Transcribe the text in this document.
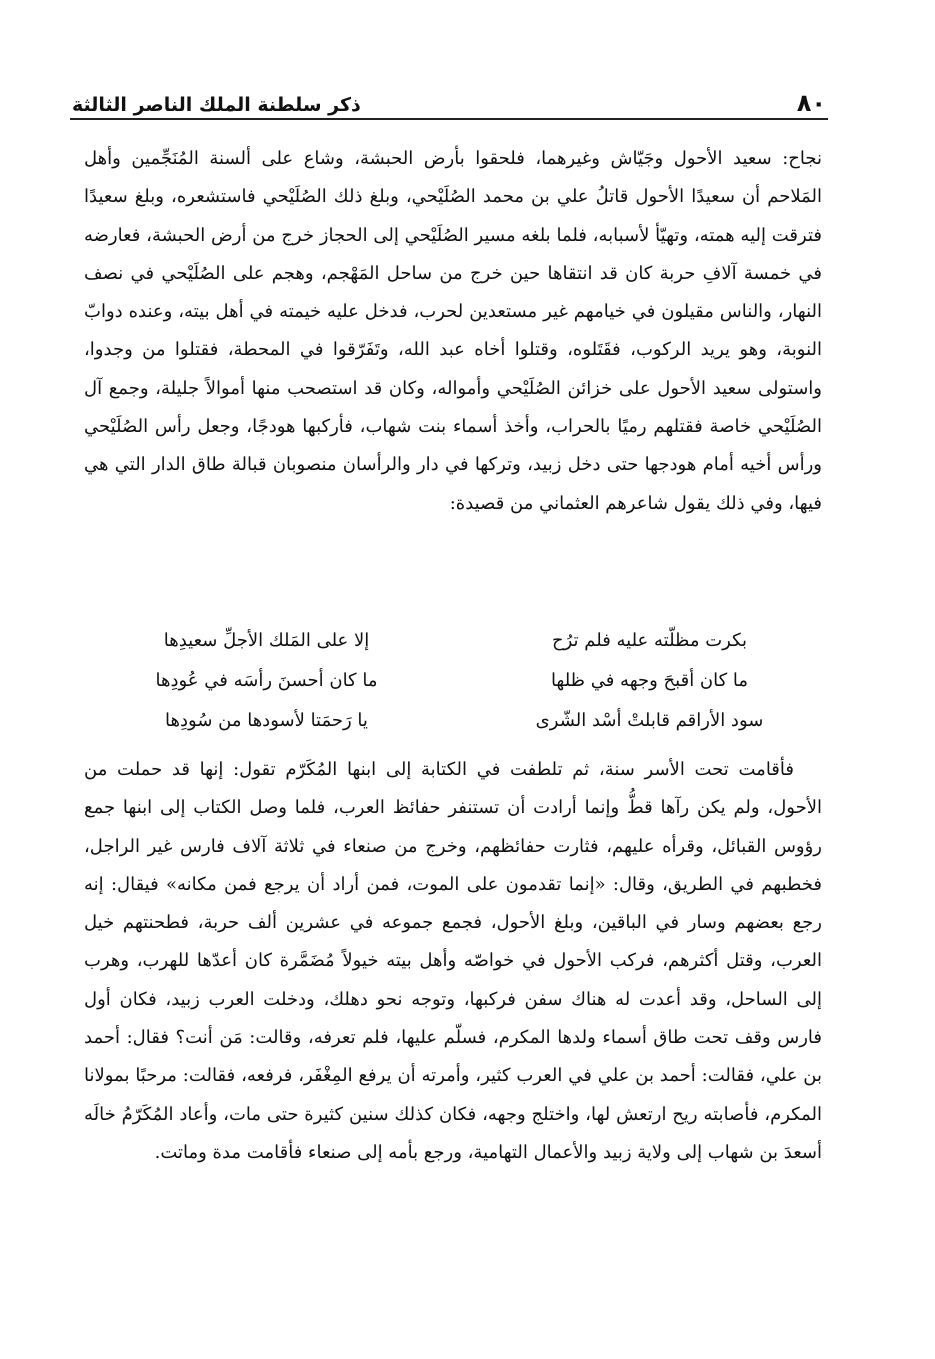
٨٠
ذكر سلطنة الملك الناصر الثالثة

نجاح: سعيد الأحول وجَيّاش وغيرهما، فلحقوا بأرض الحبشة، وشاع على ألسنة المُنَجِّمين وأهل المَلاحم أن سعيدًا الأحول قاتلُ علي بن محمد الصُلَيْحي، وبلغ ذلك الصُلَيْحي فاستشعره، وبلغ سعيدًا فترقت إليه همته، وتهيّأ لأسبابه، فلما بلغه مسير الصُلَيْحي إلى الحجاز خرج من أرض الحبشة، فعارضه في خمسة آلافِ حربة كان قد انتقاها حين خرج من ساحل المَهْجم، وهجم على الصُلَيْحي في نصف النهار، والناس مقيلون في خيامهم غير مستعدين لحرب، فدخل عليه خيمته في أهل بيته، وعنده دوابّ النوبة، وهو يريد الركوب، فقَتَلوه، وقتلوا أخاه عبد الله، وتَفَرّقوا في المحطة، فقتلوا من وجدوا، واستولى سعيد الأحول على خزائن الصُلَيْحي وأمواله، وكان قد استصحب منها أموالاً جليلة، وجمع آل الصُلَيْحي خاصة فقتلهم رميًا بالحراب، وأخذ أسماء بنت شهاب، فأركبها هودجًا، وجعل رأس الصُلَيْحي ورأس أخيه أمام هودجها حتى دخل زبيد، وتركها في دار والرأسان منصوبان قبالة طاق الدار التي هي فيها، وفي ذلك يقول شاعرهم العثماني من قصيدة:

بكرت مظلّته عليه فلم ترُح
إلا على المَلك الأجلِّ سعيدِها
ما كان أقبحَ وجهه في ظلها
ما كان أحسنَ رأسَه في عُودِها
سود الأراقم قابلتْ أسْد الشّرى
يا رَحمَتا لأسودها من سُودِها

فأقامت تحت الأسر سنة، ثم تلطفت في الكتابة إلى ابنها المُكَرّم تقول: إنها قد حملت من الأحول، ولم يكن رآها قطُّ وإنما أرادت أن تستنفر حفائظ العرب، فلما وصل الكتاب إلى ابنها جمع رؤوس القبائل، وقرأه عليهم، فثارت حفائظهم، وخرج من صنعاء في ثلاثة آلاف فارس غير الراجل، فخطبهم في الطريق، وقال: «إنما تقدمون على الموت، فمن أراد أن يرجع فمن مكانه» فيقال: إنه رجع بعضهم وسار في الباقين، وبلغ الأحول، فجمع جموعه في عشرين ألف حربة، فطحنتهم خيل العرب، وقتل أكثرهم، فركب الأحول في خواصّه وأهل بيته خيولاً مُضَمَّرة كان أعدّها للهرب، وهرب إلى الساحل، وقد أعدت له هناك سفن فركبها، وتوجه نحو دهلك، ودخلت العرب زبيد، فكان أول فارس وقف تحت طاق أسماء ولدها المكرم، فسلّم عليها، فلم تعرفه، وقالت: مَن أنت؟ فقال: أحمد بن علي، فقالت: أحمد بن علي في العرب كثير، وأمرته أن يرفع المِغْفَر، فرفعه، فقالت: مرحبًا بمولانا المكرم، فأصابته ريح ارتعش لها، واختلج وجهه، فكان كذلك سنين كثيرة حتى مات، وأعاد المُكَرّمُ خالَه أسعدَ بن شهاب إلى ولاية زبيد والأعمال التهامية، ورجع بأمه إلى صنعاء فأقامت مدة وماتت.
